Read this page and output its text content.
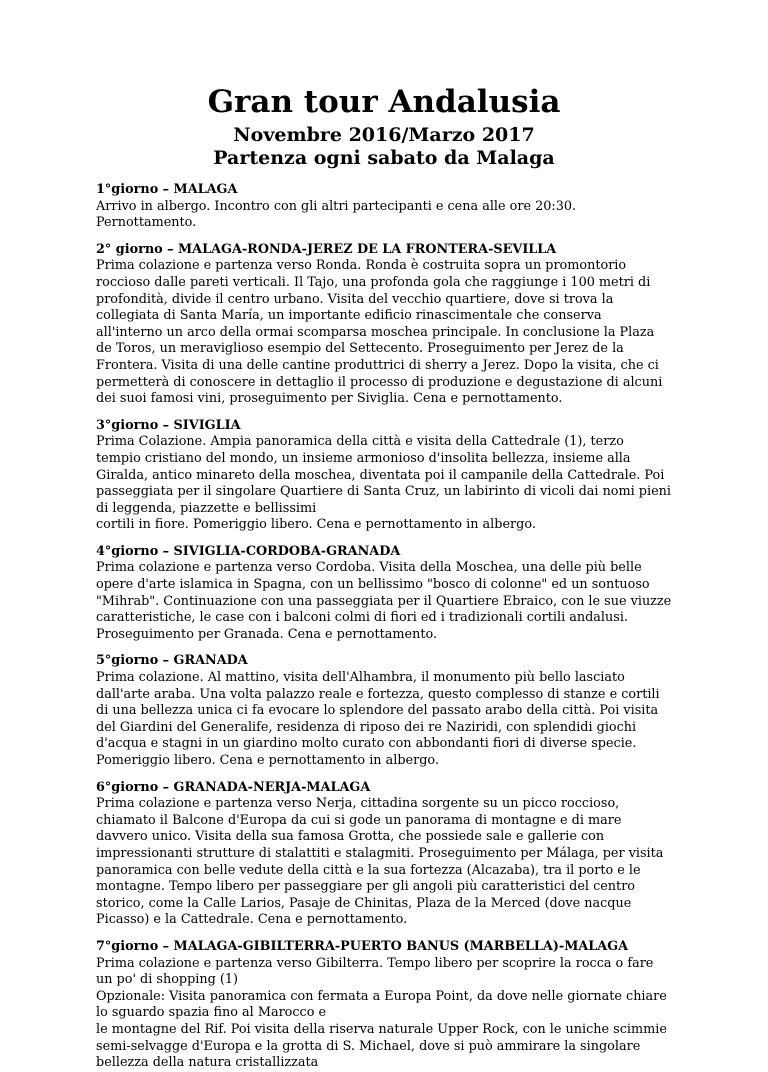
Gran tour Andalusia
Novembre 2016/Marzo 2017
Partenza ogni sabato da Malaga

1°giorno – MALAGA

Arrivo in albergo. Incontro con gli altri partecipanti e cena alle ore 20:30. Pernottamento.

2° giorno – MALAGA-RONDA-JEREZ DE LA FRONTERA-SEVILLA

Prima colazione e partenza verso Ronda. Ronda è costruita sopra un promontorio roccioso dalle pareti verticali. Il Tajo, una profonda gola che raggiunge i 100 metri di profondità, divide il centro urbano. Visita del vecchio quartiere, dove si trova la collegiata di Santa María, un importante edificio rinascimentale che conserva all'interno un arco della ormai scomparsa moschea principale. In conclusione la Plaza de Toros, un meraviglioso esempio del Settecento. Proseguimento per Jerez de la Frontera. Visita di una delle cantine produttrici di sherry a Jerez. Dopo la visita, che ci permetterà di conoscere in dettaglio il processo di produzione e degustazione di alcuni dei suoi famosi vini, proseguimento per Siviglia. Cena e pernottamento.

3°giorno – SIVIGLIA

Prima Colazione. Ampia panoramica della città e visita della Cattedrale (1), terzo tempio cristiano del mondo, un insieme armonioso d'insolita bellezza, insieme alla Giralda, antico minareto della moschea, diventata poi il campanile della Cattedrale. Poi passeggiata per il singolare Quartiere di Santa Cruz, un labirinto di vicoli dai nomi pieni di leggenda, piazzette e bellissimi

cortili in fiore. Pomeriggio libero. Cena e pernottamento in albergo.

4°giorno – SIVIGLIA-CORDOBA-GRANADA

Prima colazione e partenza verso Cordoba. Visita della Moschea, una delle più belle opere d'arte islamica in Spagna, con un bellissimo "bosco di colonne" ed un sontuoso "Mihrab". Continuazione con una passeggiata per il Quartiere Ebraico, con le sue viuzze caratteristiche, le case con i balconi colmi di fiori ed i tradizionali cortili andalusi. Proseguimento per Granada. Cena e pernottamento.

5°giorno – GRANADA

Prima colazione. Al mattino, visita dell'Alhambra, il monumento più bello lasciato dall'arte araba. Una volta palazzo reale e fortezza, questo complesso di stanze e cortili di una bellezza unica ci fa evocare lo splendore del passato arabo della città. Poi visita del Giardini del Generalife, residenza di riposo dei re Naziridi, con splendidi giochi d'acqua e stagni in un giardino molto curato con abbondanti fiori di diverse specie. Pomeriggio libero. Cena e pernottamento in albergo.

6°giorno – GRANADA-NERJA-MALAGA

Prima colazione e partenza verso Nerja, cittadina sorgente su un picco roccioso, chiamato il Balcone d'Europa da cui si gode un panorama di montagne e di mare davvero unico. Visita della sua famosa Grotta, che possiede sale e gallerie con impressionanti strutture di stalattiti e stalagmiti. Proseguimento per Málaga, per visita panoramica con belle vedute della città e la sua fortezza (Alcazaba), tra il porto e le montagne. Tempo libero per passeggiare per gli angoli più caratteristici del centro storico, come la Calle Larios, Pasaje de Chinitas, Plaza de la Merced (dove nacque Picasso) e la Cattedrale. Cena e pernottamento.

7°giorno – MALAGA-GIBILTERRA-PUERTO BANUS (MARBELLA)-MALAGA

Prima colazione e partenza verso Gibilterra. Tempo libero per scoprire la rocca o fare un po' di shopping (1)

Opzionale: Visita panoramica con fermata a Europa Point, da dove nelle giornate chiare lo sguardo spazia fino al Marocco e

le montagne del Rif. Poi visita della riserva naturale Upper Rock, con le uniche scimmie semi-selvagge d'Europa e la grotta di S. Michael, dove si può ammirare la singolare bellezza della natura cristallizzata
